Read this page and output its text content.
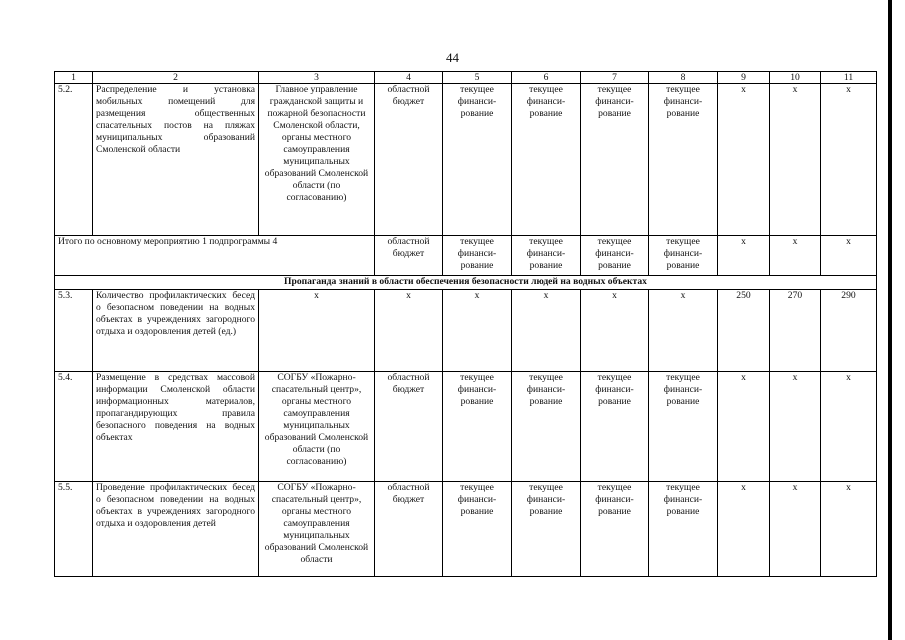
44
1	2	3	4	5	6	7	8	9	10	11
5.2.	Распределение и установка мобильных помещений для размещения общественных спасательных постов на пляжах муниципальных образований Смоленской области	Главное управление гражданской защиты и пожарной безопасности Смоленской области, органы местного самоуправления муниципальных образований Смоленской области (по согласованию)	областной бюджет	текущее финанси-рование	текущее финанси-рование	текущее финанси-рование	текущее финанси-рование	x	x	x
Итого по основному мероприятию 1 подпрограммы 4			областной бюджет	текущее финанси-рование	текущее финанси-рование	текущее финанси-рование	текущее финанси-рование	x	x	x
Пропаганда знаний в области обеспечения безопасности людей на водных объектах										
5.3.	Количество профилактических бесед о безопасном поведении на водных объектах в учреждениях загородного отдыха и оздоровления детей (ед.)	x	x	x	x	x	x	250	270	290
5.4.	Размещение в средствах массовой информации Смоленской области информационных материалов, пропагандирующих правила безопасного поведения на водных объектах	СОГБУ «Пожарно-спасательный центр», органы местного самоуправления муниципальных образований Смоленской области (по согласованию)	областной бюджет	текущее финанси-рование	текущее финанси-рование	текущее финанси-рование	текущее финанси-рование	x	x	x
5.5.	Проведение профилактических бесед о безопасном поведении на водных объектах в учреждениях загородного отдыха и оздоровления детей	СОГБУ «Пожарно-спасательный центр», органы местного самоуправления муниципальных образований Смоленской области	областной бюджет	текущее финанси-рование	текущее финанси-рование	текущее финанси-рование	текущее финанси-рование	x	x	x
